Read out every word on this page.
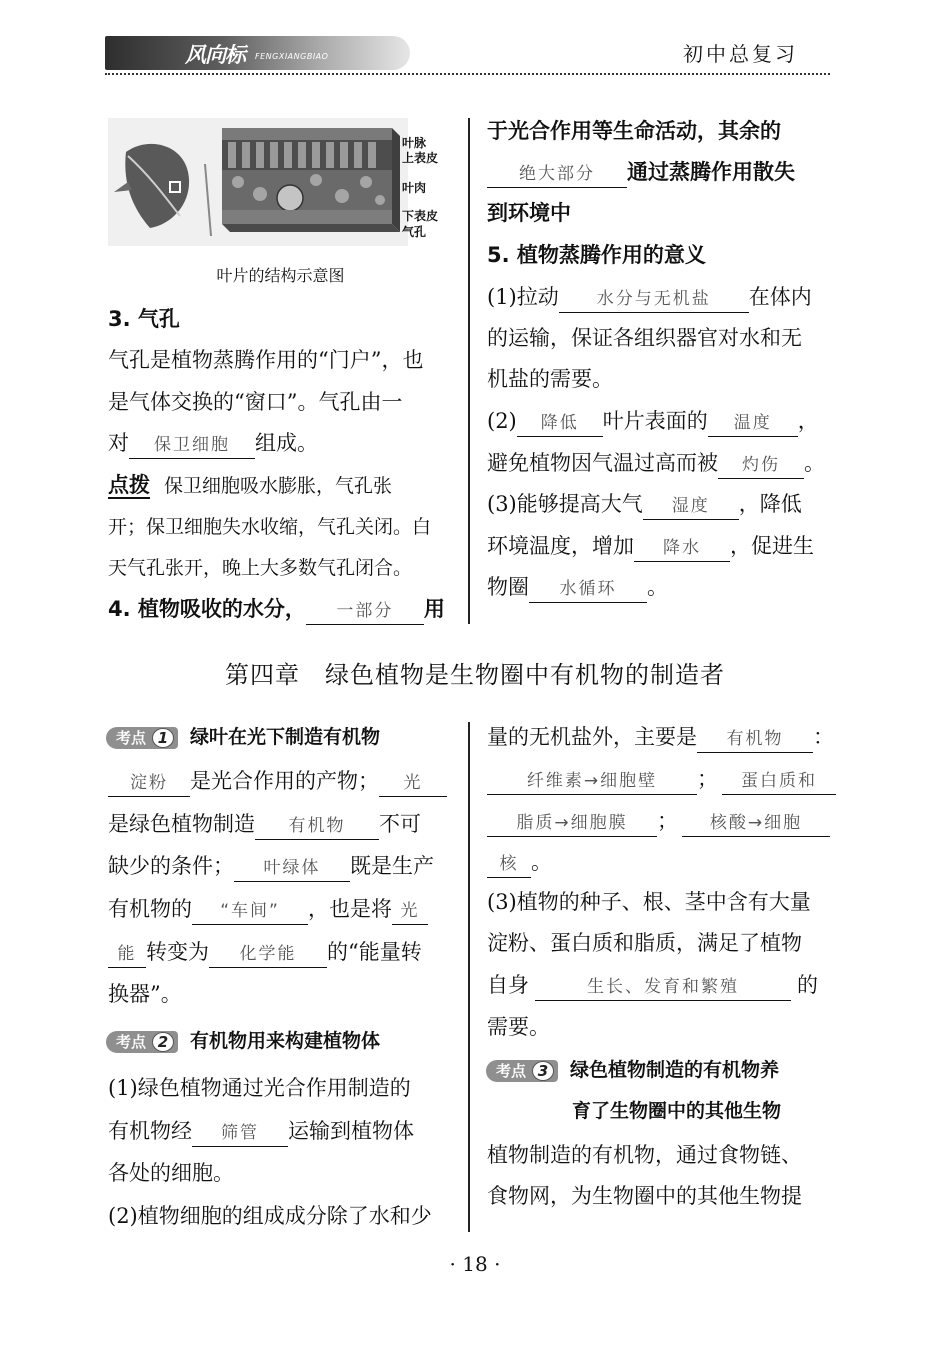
风向标 FENGXIANGBIAO	初中总复习
叶脉
上表皮
叶肉
下表皮
气孔
叶片的结构示意图
3. 气孔
气孔是植物蒸腾作用的“门户”，也
是气体交换的“窗口”。气孔由一
对 保卫细胞 组成。
点拨 保卫细胞吸水膨胀，气孔张
开；保卫细胞失水收缩，气孔关闭。白
天气孔张开，晚上大多数气孔闭合。
4. 植物吸收的水分， 一部分 用
于光合作用等生命活动，其余的
绝大部分 通过蒸腾作用散失
到环境中
5. 植物蒸腾作用的意义
(1)拉动 水分与无机盐 在体内
的运输，保证各组织器官对水和无
机盐的需要。
(2) 降低 叶片表面的 温度 ，
避免植物因气温过高而被 灼伤 。
(3)能够提高大气 湿度 ，降低
环境温度，增加 降水 ，促进生
物圈 水循环 。
第四章　绿色植物是生物圈中有机物的制造者
考点 1	绿叶在光下制造有机物
淀粉 是光合作用的产物； 光
是绿色植物制造 有机物 不可
缺少的条件； 叶绿体 既是生产
有机物的 “车间” ，也是将 光
能 转变为 化学能 的“能量转
换器”。
考点 2	有机物用来构建植物体
(1)绿色植物通过光合作用制造的
有机物经 筛管 运输到植物体
各处的细胞。
(2)植物细胞的组成成分除了水和少
量的无机盐外，主要是 有机物 ：
纤维素→细胞壁 ； 蛋白质和
脂质→细胞膜 ； 核酸→细胞
核 。
(3)植物的种子、根、茎中含有大量
淀粉、蛋白质和脂质，满足了植物
自身	生长、发育和繁殖	的
需要。
考点 3	绿色植物制造的有机物养
育了生物圈中的其他生物
植物制造的有机物，通过食物链、
食物网，为生物圈中的其他生物提
· 18 ·
